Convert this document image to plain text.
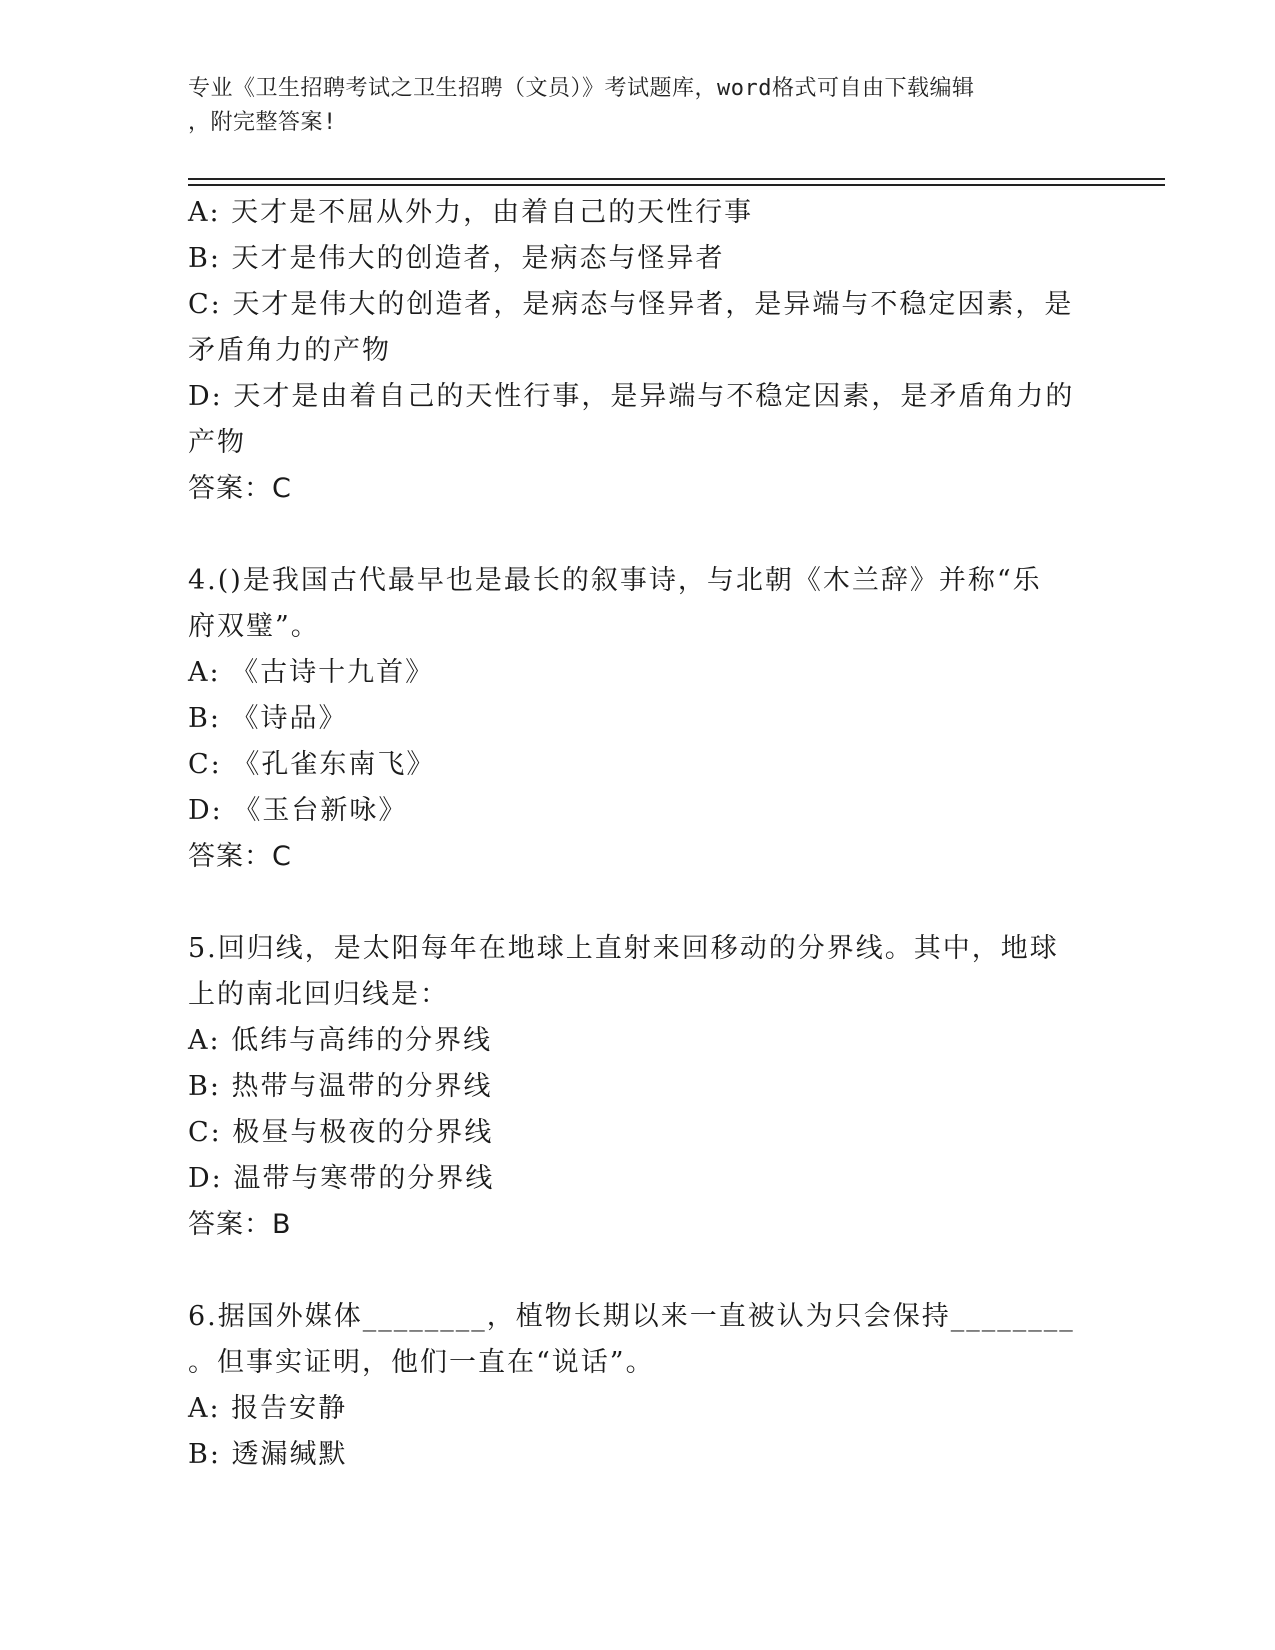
专业《卫生招聘考试之卫生招聘（文员）》考试题库，word格式可自由下载编辑
，附完整答案!
A: 天才是不屈从外力，由着自己的天性行事
B: 天才是伟大的创造者，是病态与怪异者
C: 天才是伟大的创造者，是病态与怪异者，是异端与不稳定因素，是
矛盾角力的产物
D: 天才是由着自己的天性行事，是异端与不稳定因素，是矛盾角力的
产物
答案：C
4.()是我国古代最早也是最长的叙事诗，与北朝《木兰辞》并称“乐
府双璧”。
A: 《古诗十九首》
B: 《诗品》
C: 《孔雀东南飞》
D: 《玉台新咏》
答案：C
5.回归线，是太阳每年在地球上直射来回移动的分界线。其中，地球
上的南北回归线是：
A: 低纬与高纬的分界线
B: 热带与温带的分界线
C: 极昼与极夜的分界线
D: 温带与寒带的分界线
答案：B
6.据国外媒体________，植物长期以来一直被认为只会保持________
。但事实证明，他们一直在“说话”。
A: 报告安静
B: 透漏缄默
